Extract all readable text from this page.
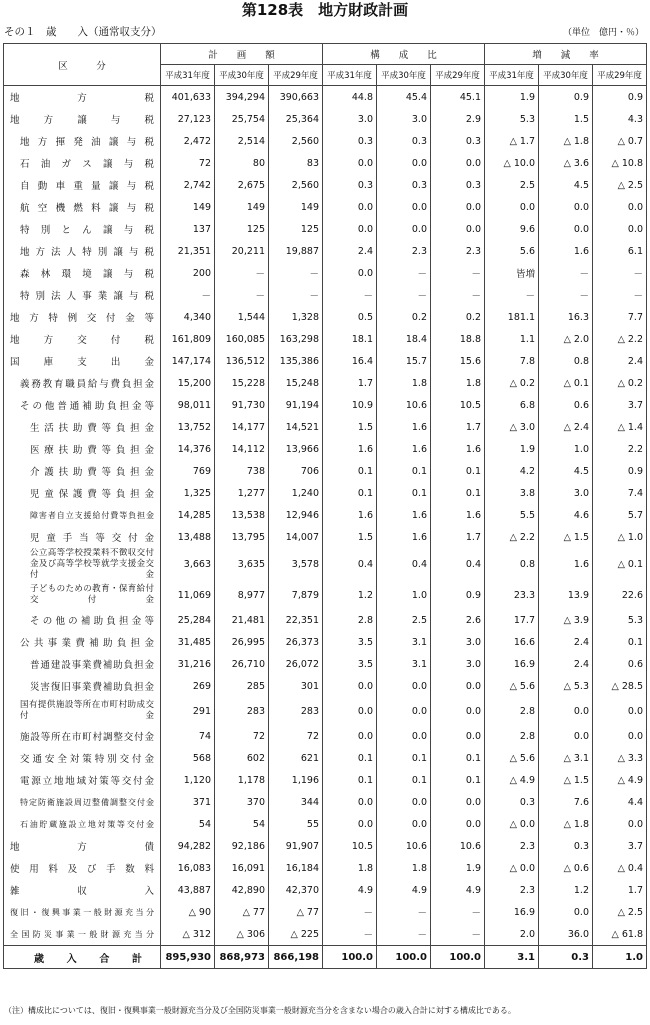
第128表　地方財政計画
その１　歳　　入（通常収支分）	（単位　億円・％）
区　　　分	計　　画　　額			構　　成　　比			増　　減　　率		
	平成31年度	平成30年度	平成29年度	平成31年度	平成30年度	平成29年度	平成31年度	平成30年度	平成29年度
地　方　税	401,633	394,294	390,663	44.8	45.4	45.1	1.9	0.9	0.9
地方譲与税	27,123	25,754	25,364	3.0	3.0	2.9	5.3	1.5	4.3
地方揮発油譲与税	2,472	2,514	2,560	0.3	0.3	0.3	△ 1.7	△ 1.8	△ 0.7
石油ガス譲与税	72	80	83	0.0	0.0	0.0	△ 10.0	△ 3.6	△ 10.8
自動車重量譲与税	2,742	2,675	2,560	0.3	0.3	0.3	2.5	4.5	△ 2.5
航空機燃料譲与税	149	149	149	0.0	0.0	0.0	0.0	0.0	0.0
特別とん譲与税	137	125	125	0.0	0.0	0.0	9.6	0.0	0.0
地方法人特別譲与税	21,351	20,211	19,887	2.4	2.3	2.3	5.6	1.6	6.1
森林環境譲与税	200	－	－	0.0	－	－	皆増	－	－
特別法人事業譲与税	－	－	－	－	－	－	－	－	－
地方特例交付金等	4,340	1,544	1,328	0.5	0.2	0.2	181.1	16.3	7.7
地方交付税	161,809	160,085	163,298	18.1	18.4	18.8	1.1	△ 2.0	△ 2.2
国庫支出金	147,174	136,512	135,386	16.4	15.7	15.6	7.8	0.8	2.4
義務教育職員給与費負担金	15,200	15,228	15,248	1.7	1.8	1.8	△ 0.2	△ 0.1	△ 0.2
その他普通補助負担金等	98,011	91,730	91,194	10.9	10.6	10.5	6.8	0.6	3.7
生活扶助費等負担金	13,752	14,177	14,521	1.5	1.6	1.7	△ 3.0	△ 2.4	△ 1.4
医療扶助費等負担金	14,376	14,112	13,966	1.6	1.6	1.6	1.9	1.0	2.2
介護扶助費等負担金	769	738	706	0.1	0.1	0.1	4.2	4.5	0.9
児童保護費等負担金	1,325	1,277	1,240	0.1	0.1	0.1	3.8	3.0	7.4
障害者自立支援給付費等負担金	14,285	13,538	12,946	1.6	1.6	1.6	5.5	4.6	5.7
児童手当等交付金	13,488	13,795	14,007	1.5	1.6	1.7	△ 2.2	△ 1.5	△ 1.0
公立高等学校授業料不徴収交付金及び高等学校等就学支援金交付金	3,663	3,635	3,578	0.4	0.4	0.4	0.8	1.6	△ 0.1
子どものための教育・保育給付交付金	11,069	8,977	7,879	1.2	1.0	0.9	23.3	13.9	22.6
その他の補助負担金等	25,284	21,481	22,351	2.8	2.5	2.6	17.7	△ 3.9	5.3
公共事業費補助負担金	31,485	26,995	26,373	3.5	3.1	3.0	16.6	2.4	0.1
普通建設事業費補助負担金	31,216	26,710	26,072	3.5	3.1	3.0	16.9	2.4	0.6
災害復旧事業費補助負担金	269	285	301	0.0	0.0	0.0	△ 5.6	△ 5.3	△ 28.5
国有提供施設等所在市町村助成交付金	291	283	283	0.0	0.0	0.0	2.8	0.0	0.0
施設等所在市町村調整交付金	74	72	72	0.0	0.0	0.0	2.8	0.0	0.0
交通安全対策特別交付金	568	602	621	0.1	0.1	0.1	△ 5.6	△ 3.1	△ 3.3
電源立地地域対策等交付金	1,120	1,178	1,196	0.1	0.1	0.1	△ 4.9	△ 1.5	△ 4.9
特定防衛施設周辺整備調整交付金	371	370	344	0.0	0.0	0.0	0.3	7.6	4.4
石油貯蔵施設立地対策等交付金	54	54	55	0.0	0.0	0.0	△ 0.0	△ 1.8	0.0
地方債	94,282	92,186	91,907	10.5	10.6	10.6	2.3	0.3	3.7
使用料及び手数料	16,083	16,091	16,184	1.8	1.8	1.9	△ 0.0	△ 0.6	△ 0.4
雑収入	43,887	42,890	42,370	4.9	4.9	4.9	2.3	1.2	1.7
復旧・復興事業一般財源充当分	△ 90	△ 77	△ 77	－	－	－	16.9	0.0	△ 2.5
全国防災事業一般財源充当分	△ 312	△ 306	△ 225	－	－	－	2.0	36.0	△ 61.8
歳入合計	895,930	868,973	866,198	100.0	100.0	100.0	3.1	0.3	1.0
（注）構成比については、復旧・復興事業一般財源充当分及び全国防災事業一般財源充当分を含まない場合の歳入合計に対する構成比である。
